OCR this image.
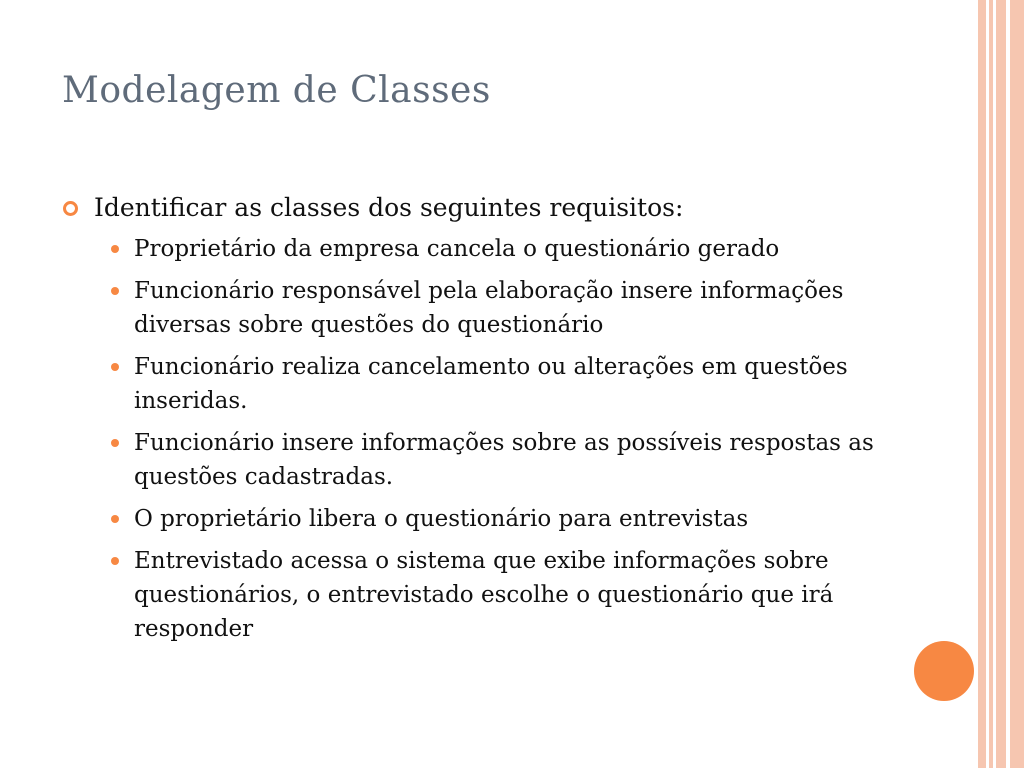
Modelagem de Classes
Identificar as classes dos seguintes requisitos:
Proprietário da empresa cancela o questionário gerado
Funcionário responsável pela elaboração insere informações diversas sobre questões do questionário
Funcionário realiza cancelamento ou alterações em questões inseridas.
Funcionário insere informações sobre as possíveis respostas as questões cadastradas.
O proprietário libera o questionário para entrevistas
Entrevistado acessa o sistema que exibe informações sobre questionários, o entrevistado escolhe o questionário que irá responder
